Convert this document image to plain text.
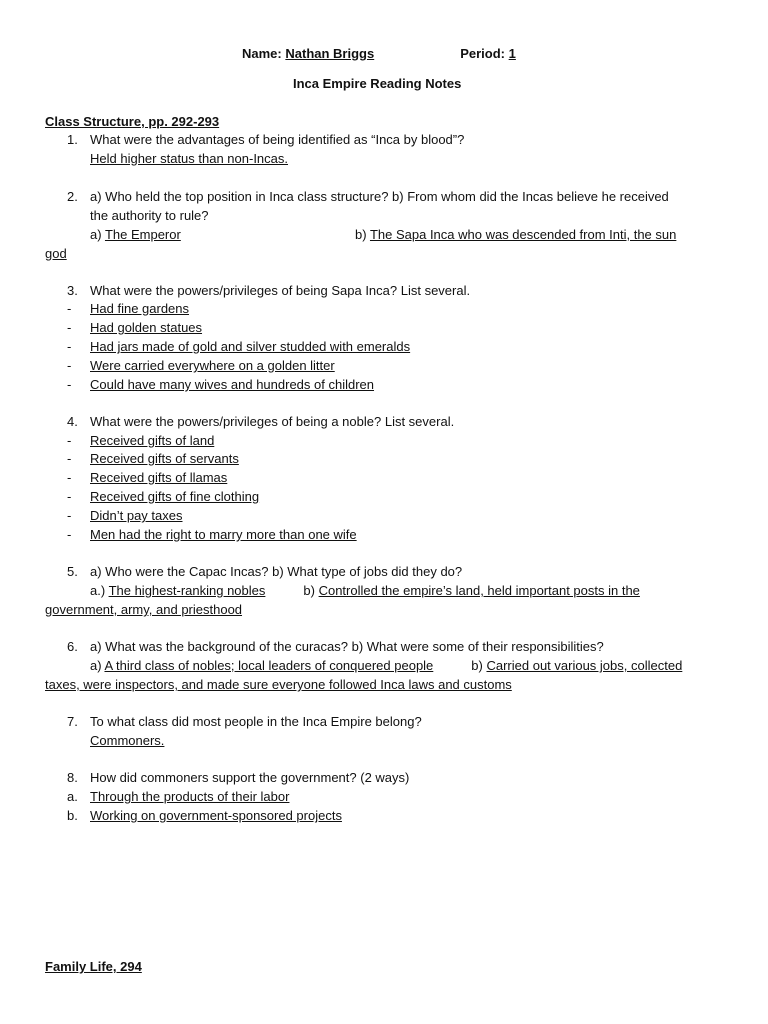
Name: Nathan Briggs	Period: 1
Inca Empire Reading Notes
Class Structure, pp. 292-293
1. What were the advantages of being identified as “Inca by blood”?
Held higher status than non-Incas.
2. a) Who held the top position in Inca class structure? b) From whom did the Incas believe he received
the authority to rule?
a) The Emperor	b) The Sapa Inca who was descended from Inti, the sun
god
3. What were the powers/privileges of being Sapa Inca? List several.
- Had fine gardens
- Had golden statues
- Had jars made of gold and silver studded with emeralds
- Were carried everywhere on a golden litter
- Could have many wives and hundreds of children
4. What were the powers/privileges of being a noble? List several.
- Received gifts of land
- Received gifts of servants
- Received gifts of llamas
- Received gifts of fine clothing
- Didn’t pay taxes
- Men had the right to marry more than one wife
5. a) Who were the Capac Incas? b) What type of jobs did they do?
a.) The highest-ranking nobles	b) Controlled the empire’s land, held important posts in the
government, army, and priesthood
6. a) What was the background of the curacas? b) What were some of their responsibilities?
a) A third class of nobles; local leaders of conquered people	b) Carried out various jobs, collected
taxes, were inspectors, and made sure everyone followed Inca laws and customs
7. To what class did most people in the Inca Empire belong?
Commoners.
8. How did commoners support the government? (2 ways)
a. Through the products of their labor
b. Working on government-sponsored projects
Family Life, 294
